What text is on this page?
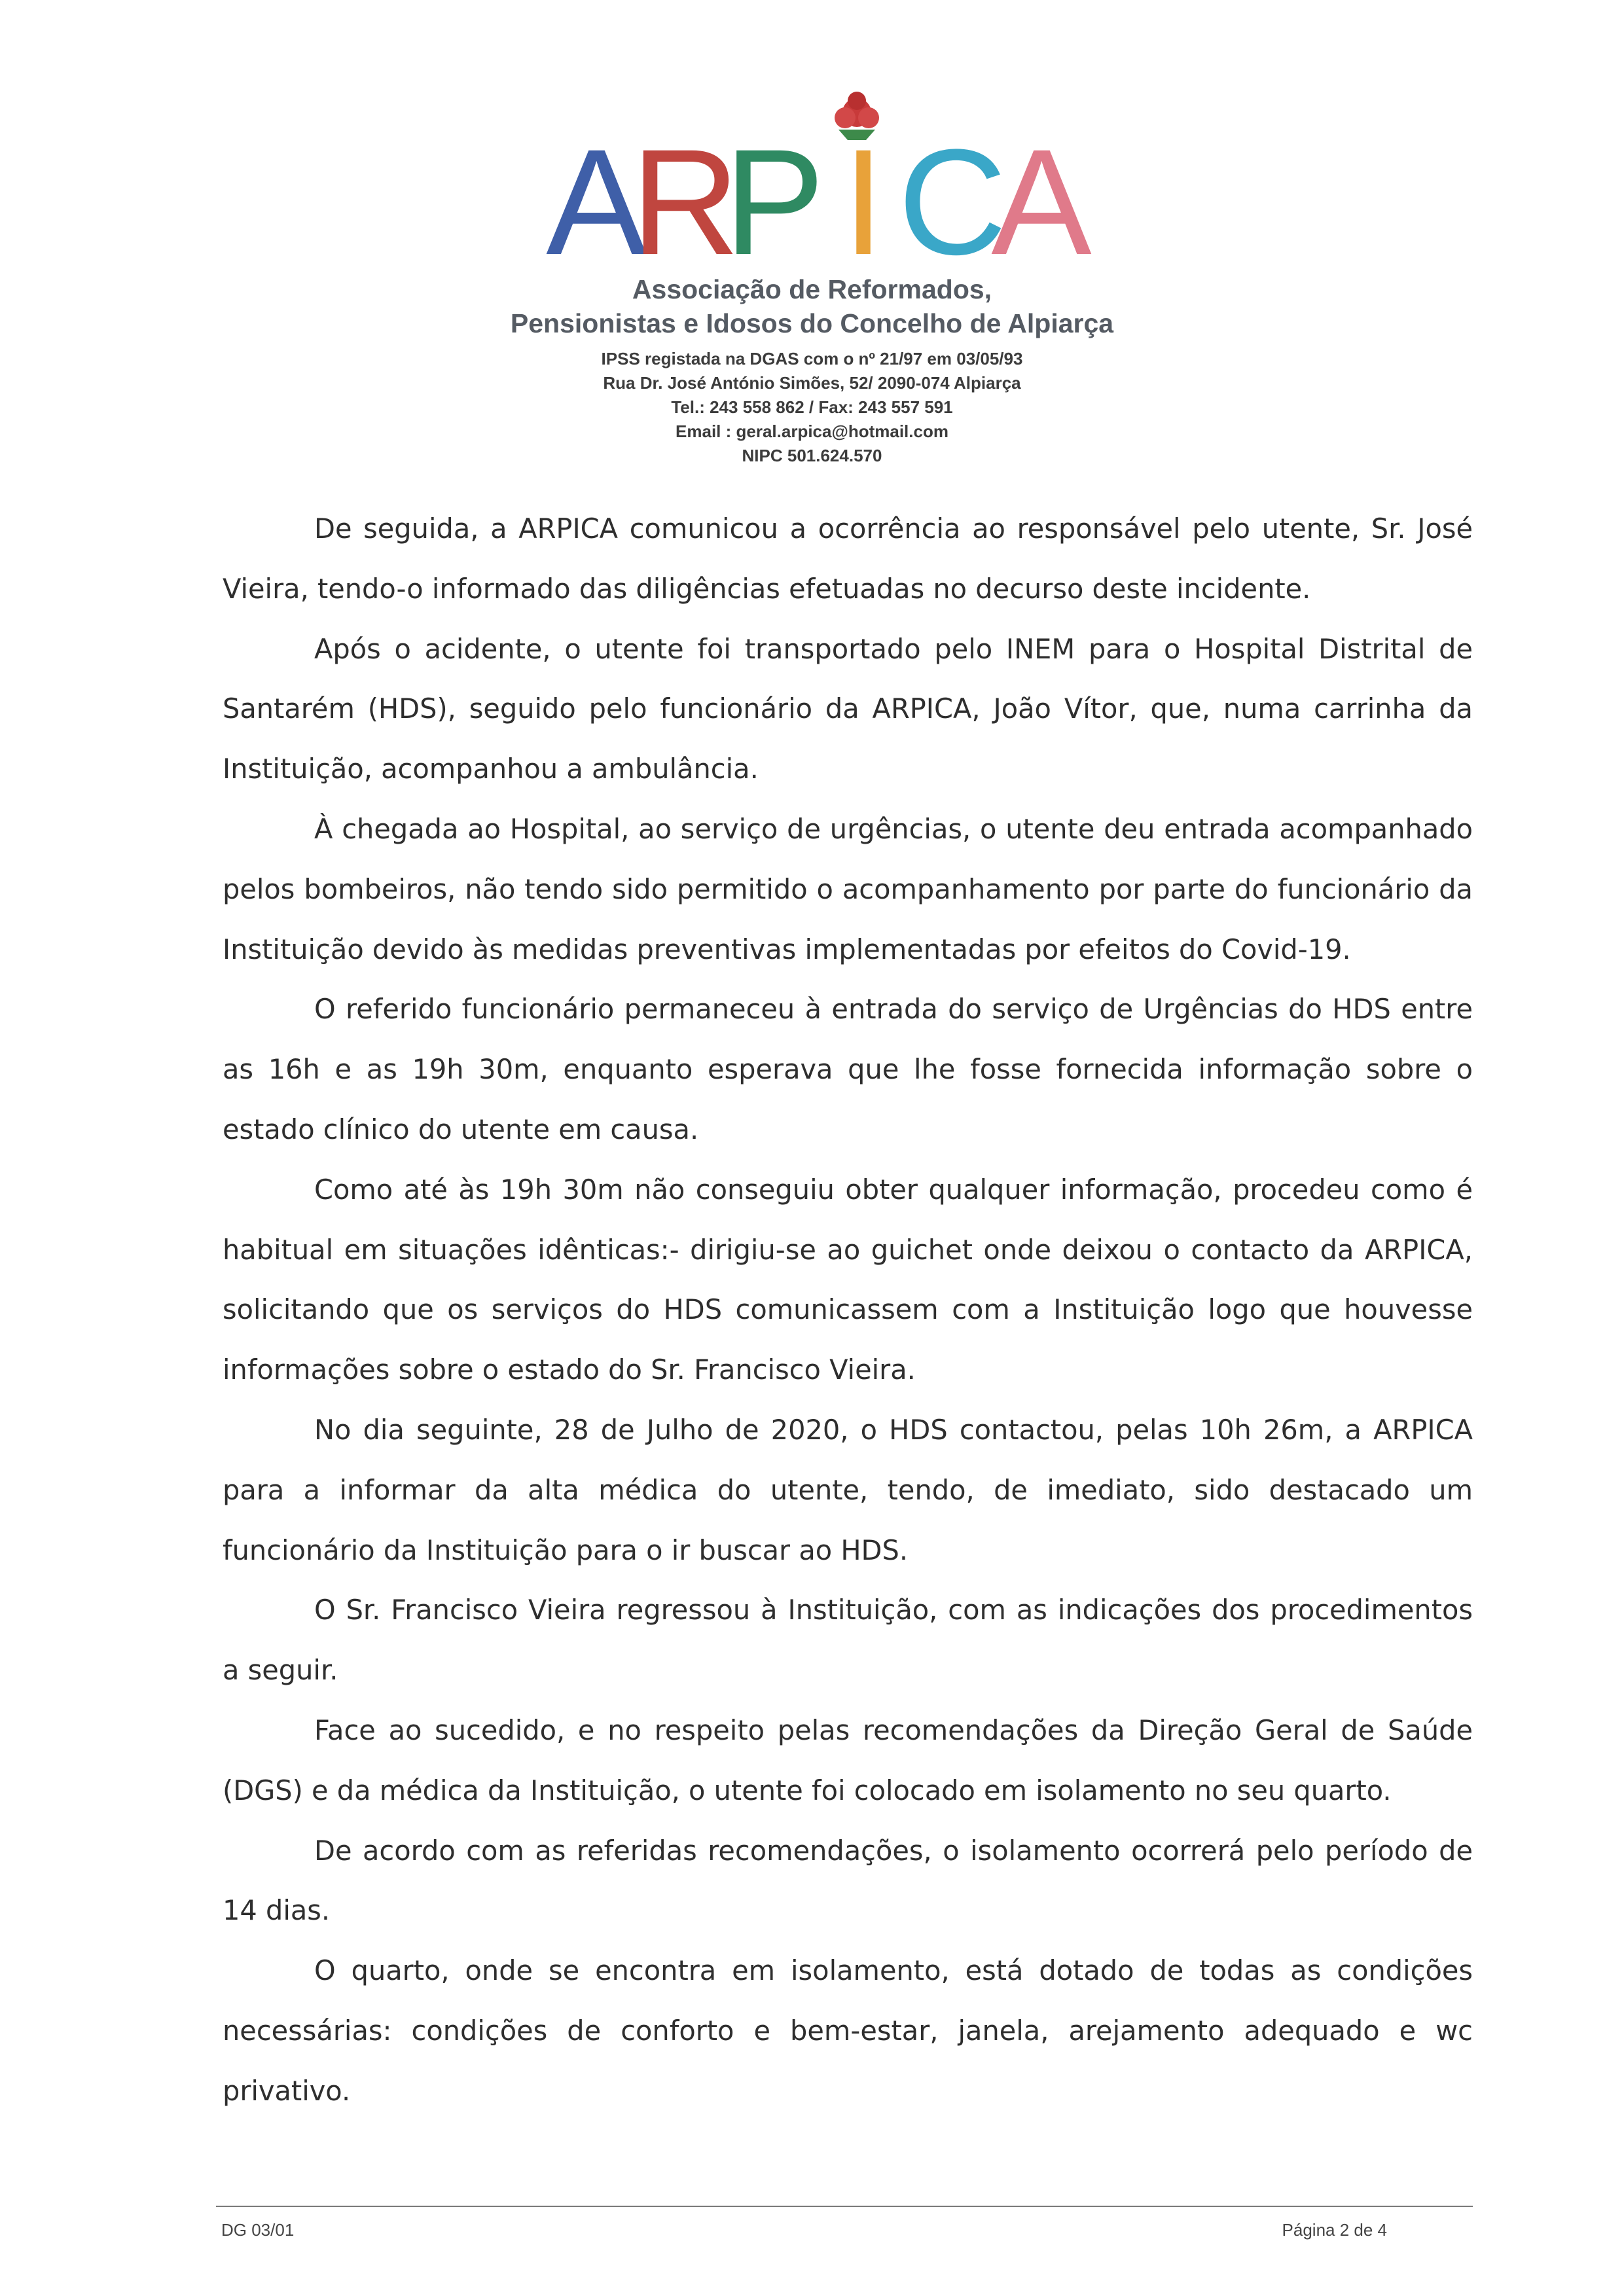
A
R
P I C
A
Associação de Reformados,
Pensionistas e Idosos do Concelho de Alpiarça
IPSS registada na DGAS com o nº 21/97 em 03/05/93
Rua Dr. José António Simões, 52/ 2090-074 Alpiarça
Tel.: 243 558 862 / Fax: 243 557 591
Email : geral.arpica@hotmail.com
NIPC 501.624.570

De seguida, a ARPICA comunicou a ocorrência ao responsável pelo utente, Sr. José Vieira, tendo-o informado das diligências efetuadas no decurso deste incidente.

Após o acidente, o utente foi transportado pelo INEM para o Hospital Distrital de Santarém (HDS), seguido pelo funcionário da ARPICA, João Vítor, que, numa carrinha da Instituição, acompanhou a ambulância.

À chegada ao Hospital, ao serviço de urgências, o utente deu entrada acompanhado pelos bombeiros, não tendo sido permitido o acompanhamento por parte do funcionário da Instituição devido às medidas preventivas implementadas por efeitos do Covid-19.

O referido funcionário permaneceu à entrada do serviço de Urgências do HDS entre as 16h e as 19h 30m, enquanto esperava que lhe fosse fornecida informação sobre o estado clínico do utente em causa.

Como até às 19h 30m não conseguiu obter qualquer informação, procedeu como é habitual em situações idênticas:- dirigiu-se ao guichet onde deixou o contacto da ARPICA, solicitando que os serviços do HDS comunicassem com a Instituição logo que houvesse informações sobre o estado do Sr. Francisco Vieira.

No dia seguinte, 28 de Julho de 2020, o HDS contactou, pelas 10h 26m, a ARPICA para a informar da alta médica do utente, tendo, de imediato, sido destacado um funcionário da Instituição para o ir buscar ao HDS.

O Sr. Francisco Vieira regressou à Instituição, com as indicações dos procedimentos a seguir.

Face ao sucedido, e no respeito pelas recomendações da Direção Geral de Saúde (DGS) e da médica da Instituição, o utente foi colocado em isolamento no seu quarto.

De acordo com as referidas recomendações, o isolamento ocorrerá pelo período de 14 dias.

O quarto, onde se encontra em isolamento, está dotado de todas as condições necessárias: condições de conforto e bem-estar, janela, arejamento adequado e wc privativo.

DG 03/01	Página 2 de 4
